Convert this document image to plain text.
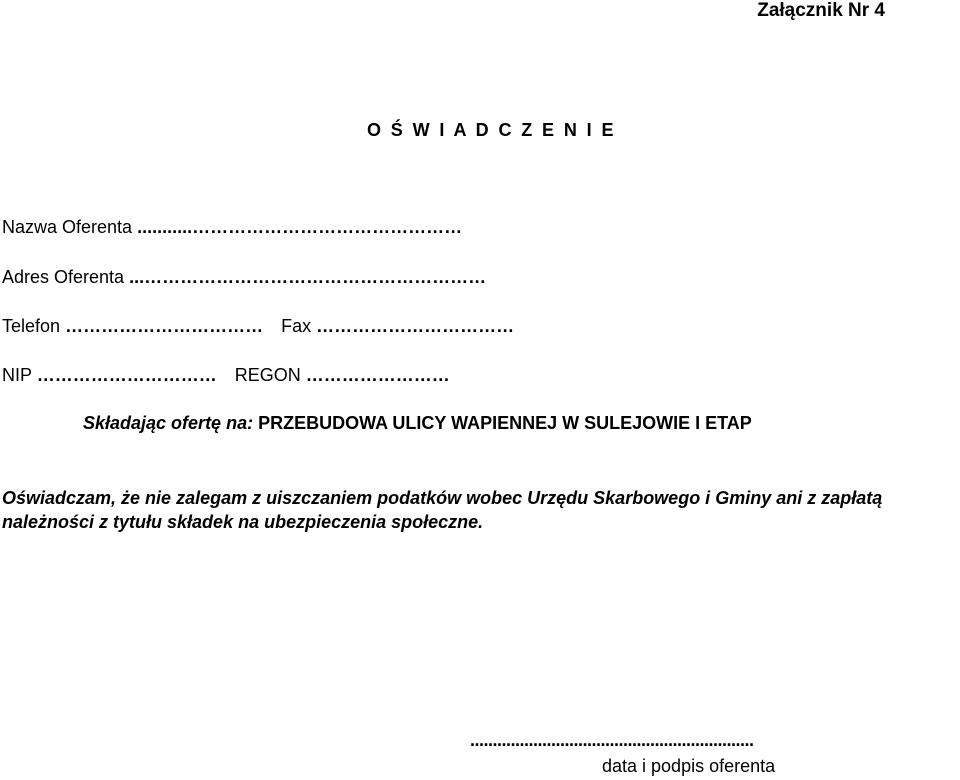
Załącznik Nr 4
O Ś W I A D C Z E N I E
Nazwa Oferenta ...........………………………………………
Adres Oferenta ...…………………………………………………
Telefon …………………………… Fax ……………………………
NIP ………………………… REGON ……………………
Składając ofertę na: PRZEBUDOWA ULICY WAPIENNEJ W SULEJOWIE I ETAP
Oświadczam, że nie zalegam z uiszczaniem podatków wobec Urzędu Skarbowego i Gminy ani z zapłatą należności z tytułu składek na ubezpieczenia społeczne.
...............................................................
data i podpis oferenta
